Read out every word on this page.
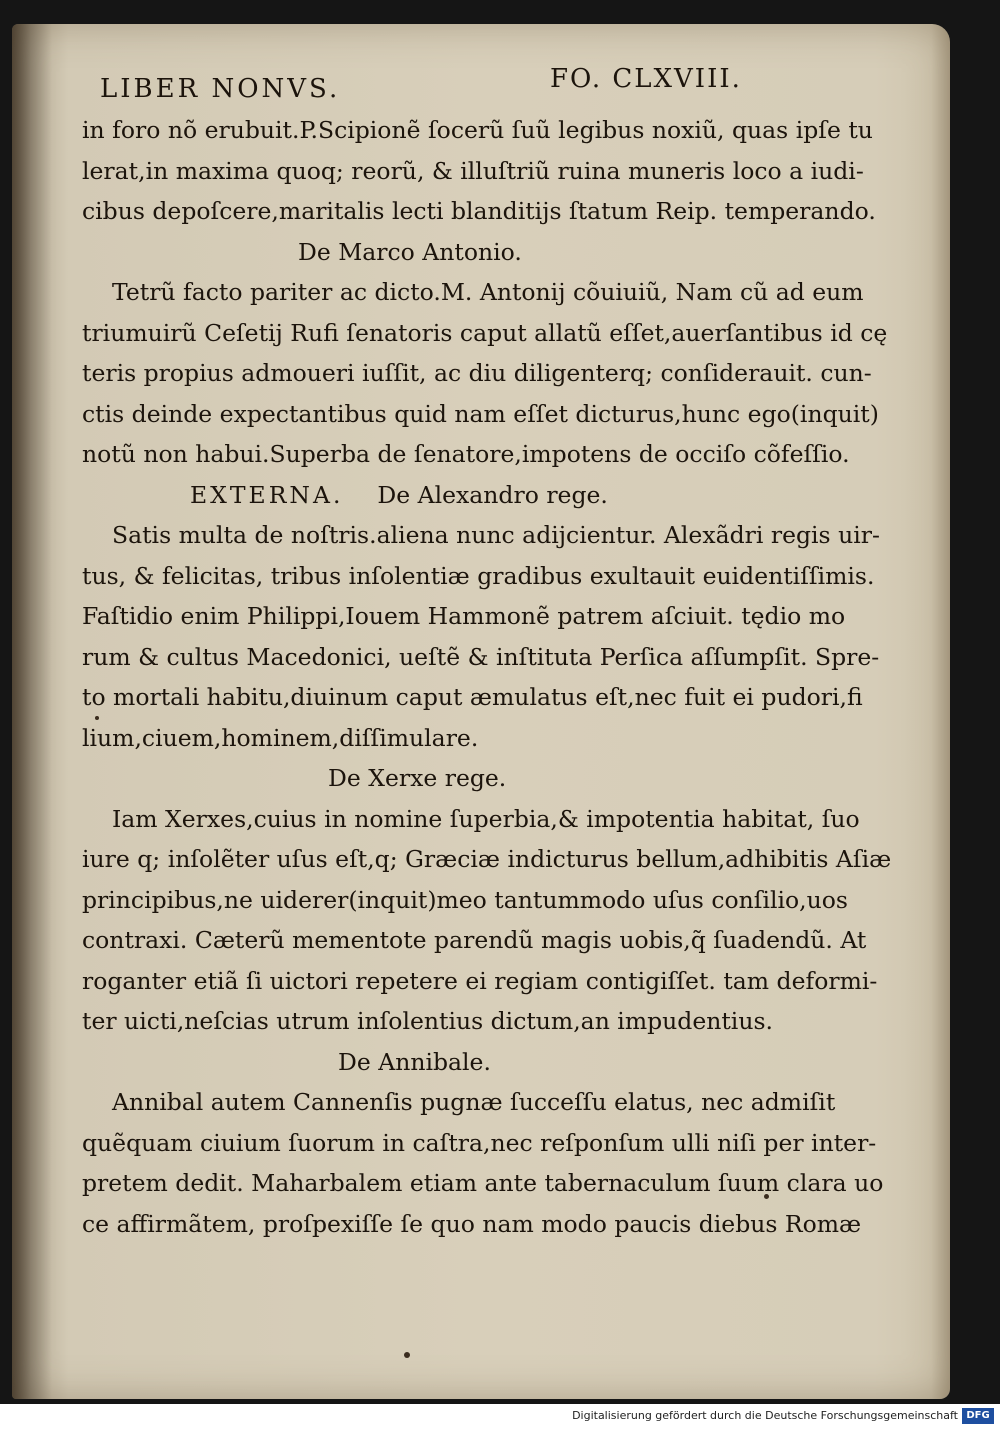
LIBER NONVS.	FO. CLXVIII.
in foro nõ erubuit.P.Scipionẽ ſocerũ ſuũ legibus noxiũ, quas ipſe tu
lerat,in maxima quoq; reorũ, & illuſtriũ ruina muneris loco a iudi-
cibus depoſcere,maritalis lecti blanditijs ſtatum Reip. temperando.
De Marco Antonio.
Tetrũ facto pariter ac dicto.M. Antonij cõuiuiũ, Nam cũ ad eum
triumuirũ Ceſetij Rufi ſenatoris caput allatũ eſſet,auerſantibus id cę
teris propius admoueri iuſſit, ac diu diligenterq; conſiderauit. cun-
ctis deinde expectantibus quid nam eſſet dicturus,hunc ego(inquit)
notũ non habui.Superba de ſenatore,impotens de occiſo cõfeſſio.
EXTERNA. De Alexandro rege.
Satis multa de noſtris.aliena nunc adijcientur. Alexãdri regis uir-
tus, & felicitas, tribus inſolentiæ gradibus exultauit euidentiſſimis.
Faſtidio enim Philippi,Iouem Hammonẽ patrem aſciuit. tędio mo
rum & cultus Macedonici, ueſtẽ & inſtituta Perſica aſſumpſit. Spre-
to mortali habitu,diuinum caput æmulatus eſt,nec fuit ei pudori,fi
lium,ciuem,hominem,diſſimulare.
De Xerxe rege.
Iam Xerxes,cuius in nomine ſuperbia,& impotentia habitat, ſuo
iure q; inſolẽter uſus eſt,q; Græciæ indicturus bellum,adhibitis Aſiæ
principibus,ne uiderer(inquit)meo tantummodo uſus conſilio,uos
contraxi. Cæterũ mementote parendũ magis uobis,q̃ ſuadendũ. At
roganter etiã ſi uictori repetere ei regiam contigiſſet. tam deformi-
ter uicti,neſcias utrum inſolentius dictum,an impudentius.
De Annibale.
Annibal autem Cannenſis pugnæ ſucceſſu elatus, nec admiſit
quẽquam ciuium ſuorum in caſtra,nec reſponſum ulli niſi per inter-
pretem dedit. Maharbalem etiam ante tabernaculum ſuum clara uo
ce affirmãtem, proſpexiſſe ſe quo nam modo paucis diebus Romæ
Digitalisierung gefördert durch die Deutsche Forschungsgemeinschaft DFG
